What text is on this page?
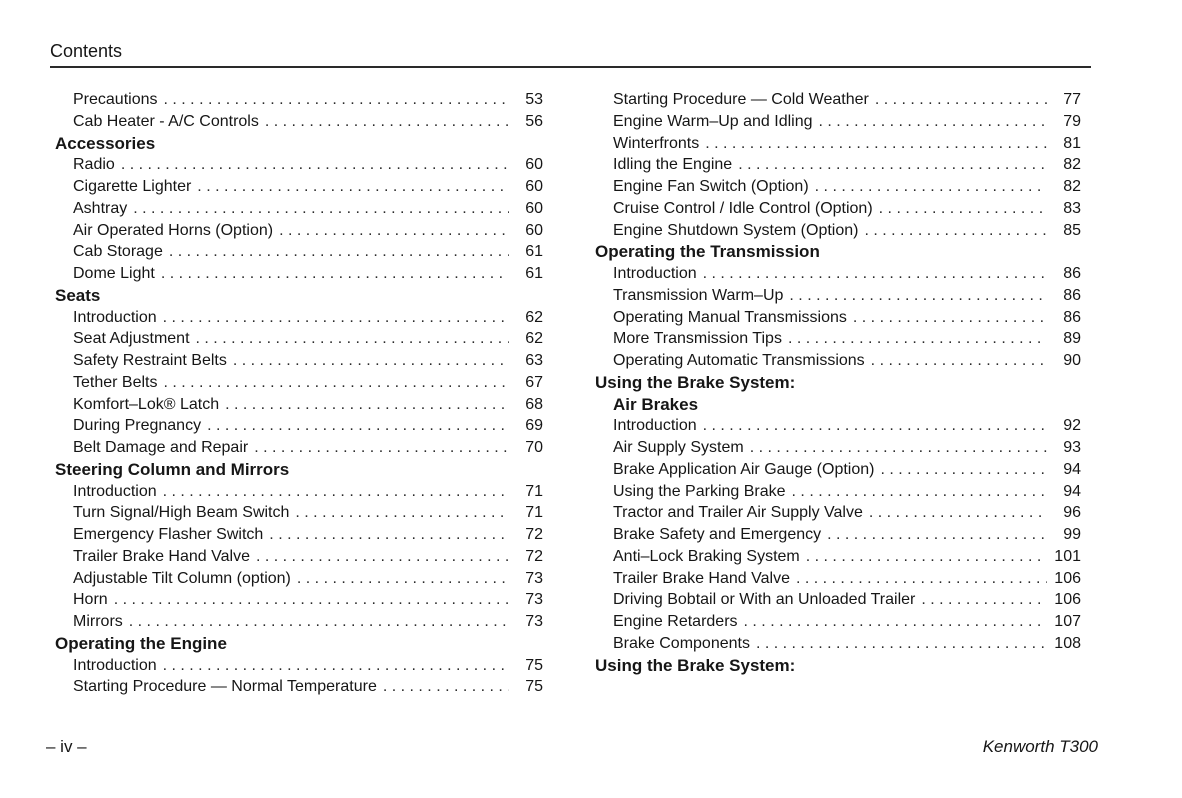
Contents
Precautions . . .	53
Cab Heater - A/C Controls . . .	56
Accessories
Radio . . .	60
Cigarette Lighter . . .	60
Ashtray . . .	60
Air Operated Horns (Option) . . .	60
Cab Storage . . .	61
Dome Light . . .	61
Seats
Introduction . . .	62
Seat Adjustment . . .	62
Safety Restraint Belts . . .	63
Tether Belts . . .	67
Komfort–Lok® Latch . . .	68
During Pregnancy . . .	69
Belt Damage and Repair . . .	70
Steering Column and Mirrors
Introduction . . .	71
Turn Signal/High Beam Switch . . .	71
Emergency Flasher Switch . . .	72
Trailer Brake Hand Valve . . .	72
Adjustable Tilt Column (option) . . .	73
Horn . . .	73
Mirrors . . .	73
Operating the Engine
Introduction . . .	75
Starting Procedure — Normal Temperature . . .	75
Starting Procedure — Cold Weather . . .	77
Engine Warm–Up and Idling . . .	79
Winterfronts . . .	81
Idling the Engine . . .	82
Engine Fan Switch (Option) . . .	82
Cruise Control / Idle Control (Option) . . .	83
Engine Shutdown System (Option) . . .	85
Operating the Transmission
Introduction . . .	86
Transmission Warm–Up . . .	86
Operating Manual Transmissions . . .	86
More Transmission Tips . . .	89
Operating Automatic Transmissions . . .	90
Using the Brake System:
Air Brakes
Introduction . . .	92
Air Supply System . . .	93
Brake Application Air Gauge (Option) . . .	94
Using the Parking Brake . . .	94
Tractor and Trailer Air Supply Valve . . .	96
Brake Safety and Emergency . . .	99
Anti–Lock Braking System . . .	101
Trailer Brake Hand Valve . . .	106
Driving Bobtail or With an Unloaded Trailer . . .	106
Engine Retarders . . .	107
Brake Components . . .	108
Using the Brake System:
– iv –	Kenworth T300
